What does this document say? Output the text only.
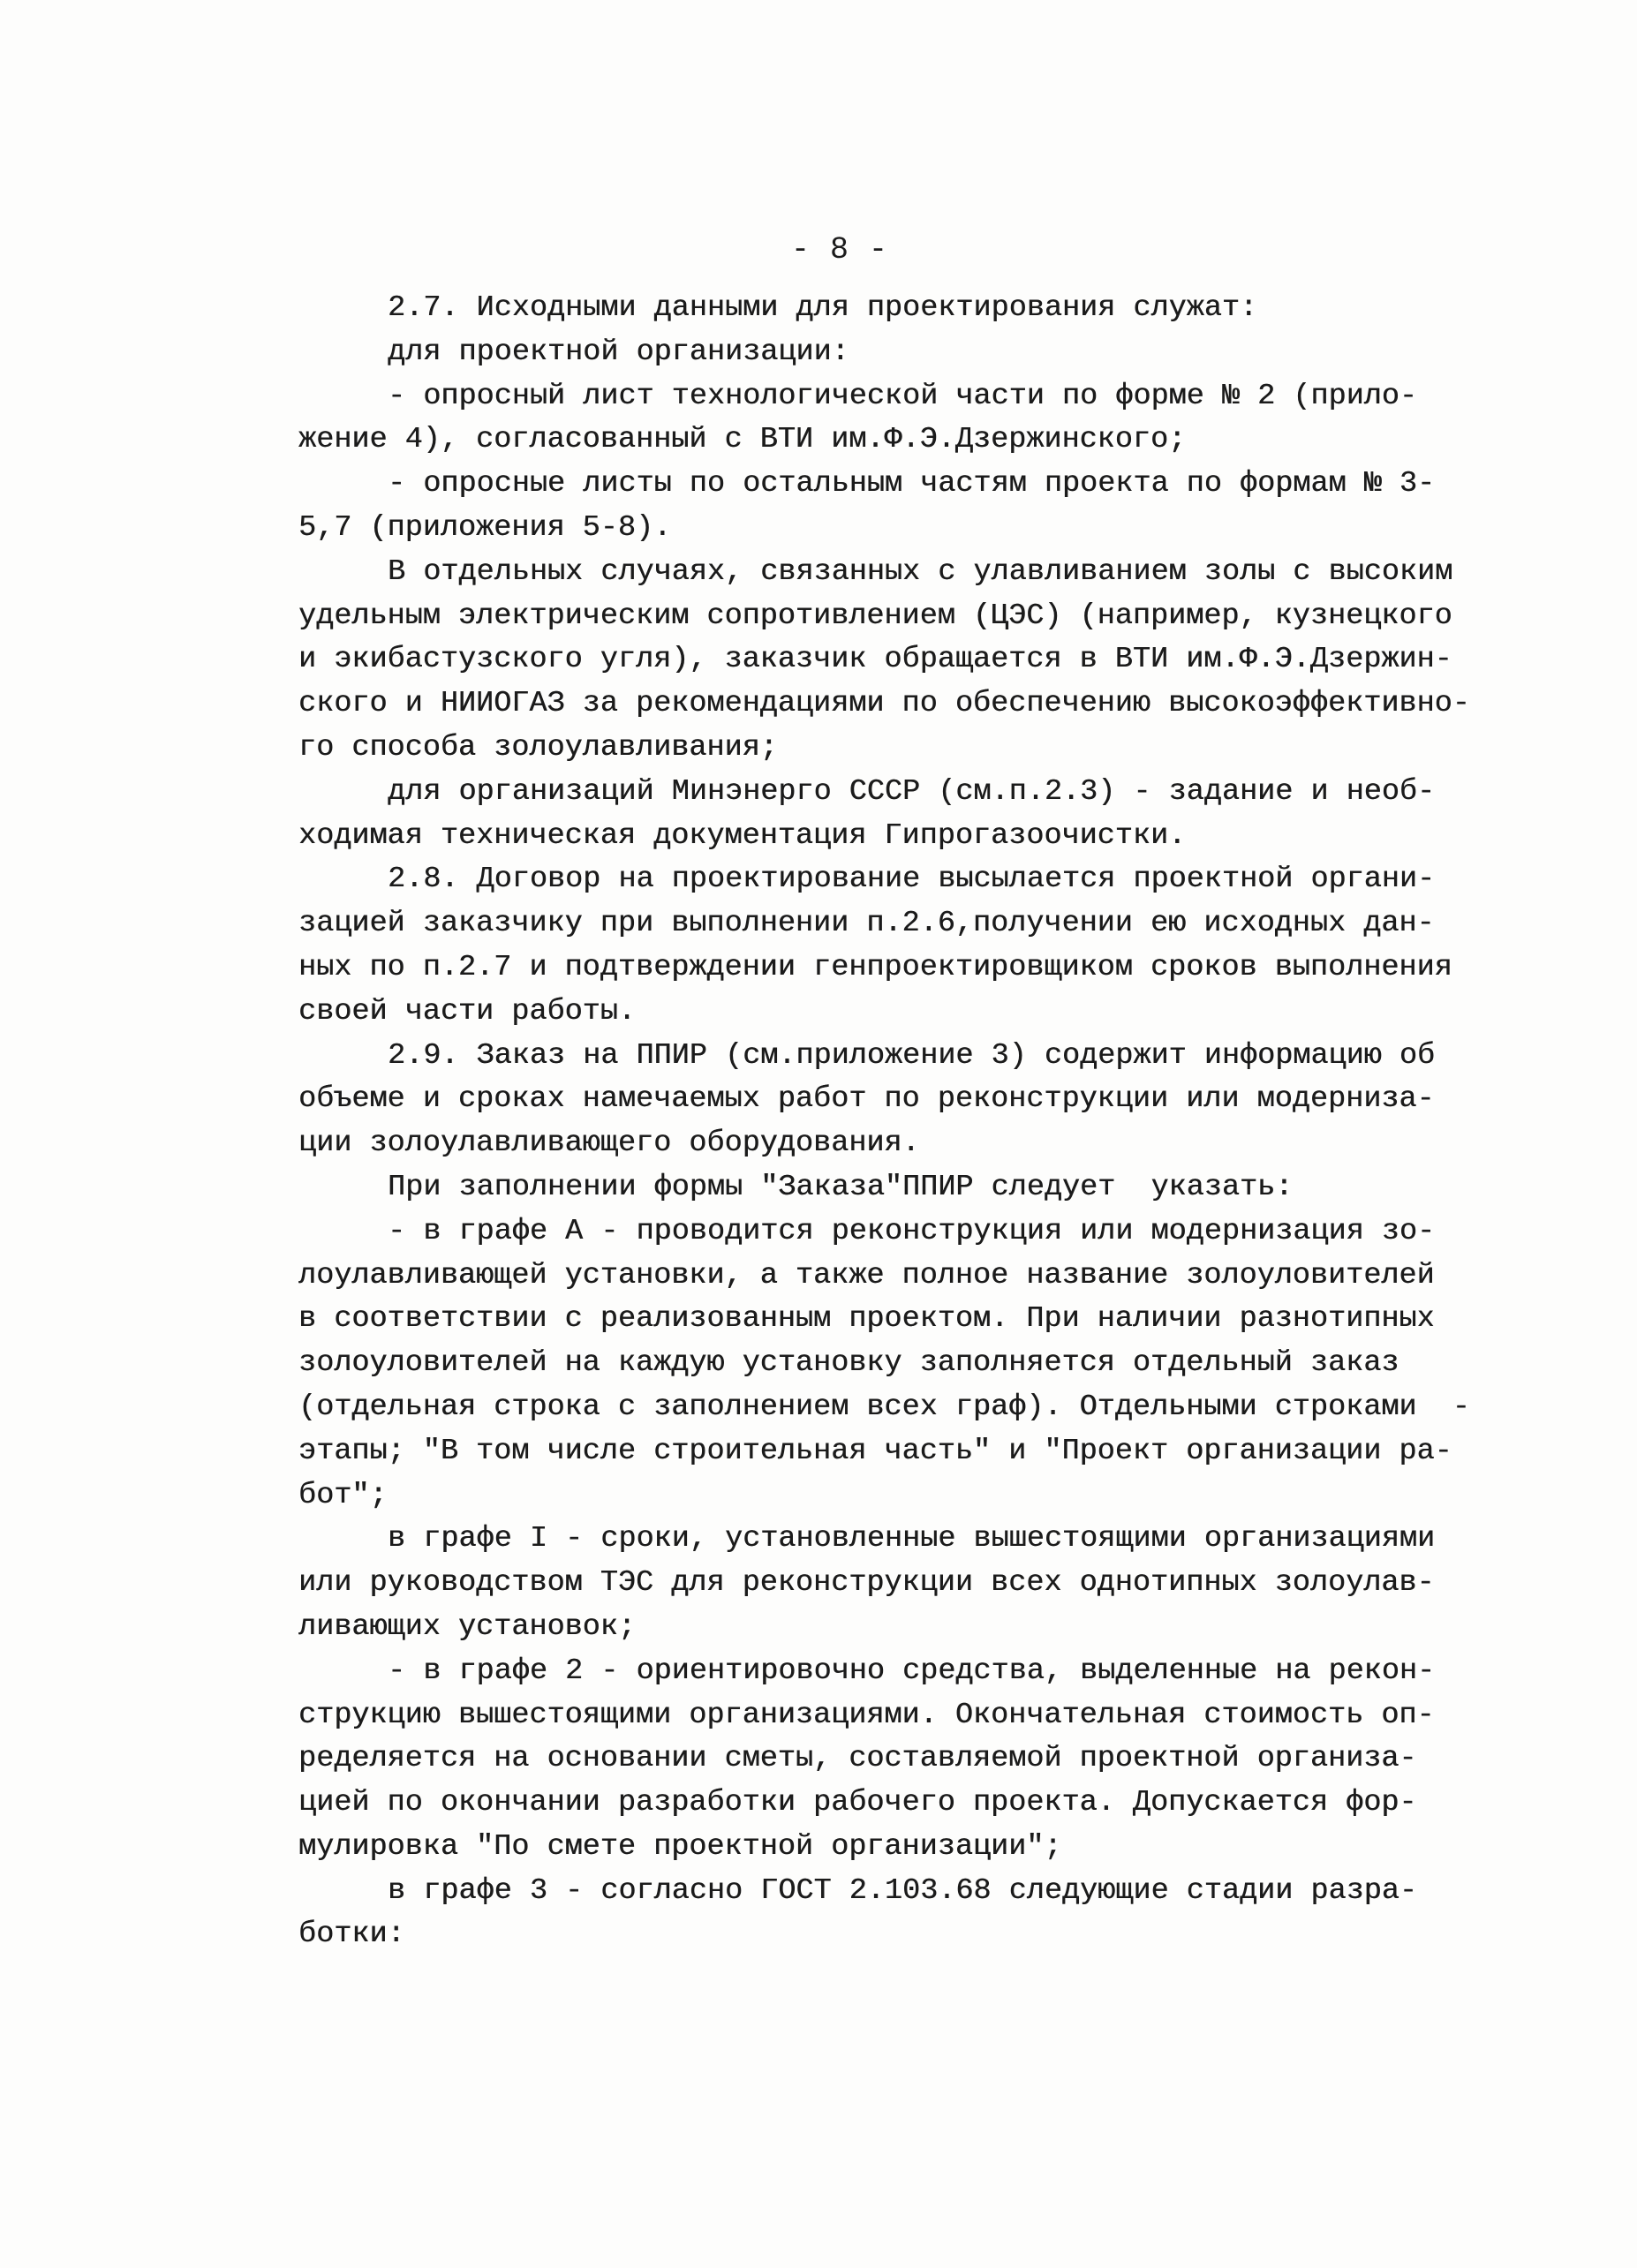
- 8 -
2.7. Исходными данными для проектирования служат:
для проектной организации:
- опросный лист технологической части по форме № 2 (прило-
жение 4), согласованный с ВТИ им.Ф.Э.Дзержинского;
- опросные листы по остальным частям проекта по формам № 3-
5,7 (приложения 5-8).
В отдельных случаях, связанных с улавливанием золы с высоким
удельным электрическим сопротивлением (ЦЭС) (например, кузнецкого
и экибастузского угля), заказчик обращается в ВТИ им.Ф.Э.Дзержин-
ского и НИИОГАЗ за рекомендациями по обеспечению высокоэффективно-
го способа золоулавливания;
для организаций Минэнерго СССР (см.п.2.3) - задание и необ-
ходимая техническая документация Гипрогазоочистки.
2.8. Договор на проектирование высылается проектной органи-
зацией заказчику при выполнении п.2.6,получении ею исходных дан-
ных по п.2.7 и подтверждении генпроектировщиком сроков выполнения
своей части работы.
2.9. Заказ на ППИР (см.приложение 3) содержит информацию об
объеме и сроках намечаемых работ по реконструкции или модерниза-
ции золоулавливающего оборудования.
При заполнении формы "Заказа"ППИР следует  указать:
- в графе А - проводится реконструкция или модернизация зо-
лоулавливающей установки, а также полное название золоуловителей
в соответствии с реализованным проектом. При наличии разнотипных
золоуловителей на каждую установку заполняется отдельный заказ
(отдельная строка с заполнением всех граф). Отдельными строками  -
этапы; "В том числе строительная часть" и "Проект организации ра-
бот";
в графе I - сроки, установленные вышестоящими организациями
или руководством ТЭС для реконструкции всех однотипных золоулав-
ливающих установок;
- в графе 2 - ориентировочно средства, выделенные на рекон-
струкцию вышестоящими организациями. Окончательная стоимость оп-
ределяется на основании сметы, составляемой проектной организа-
цией по окончании разработки рабочего проекта. Допускается фор-
мулировка "По смете проектной организации";
в графе 3 - согласно ГОСТ 2.103.68 следующие стадии разра-
ботки:
